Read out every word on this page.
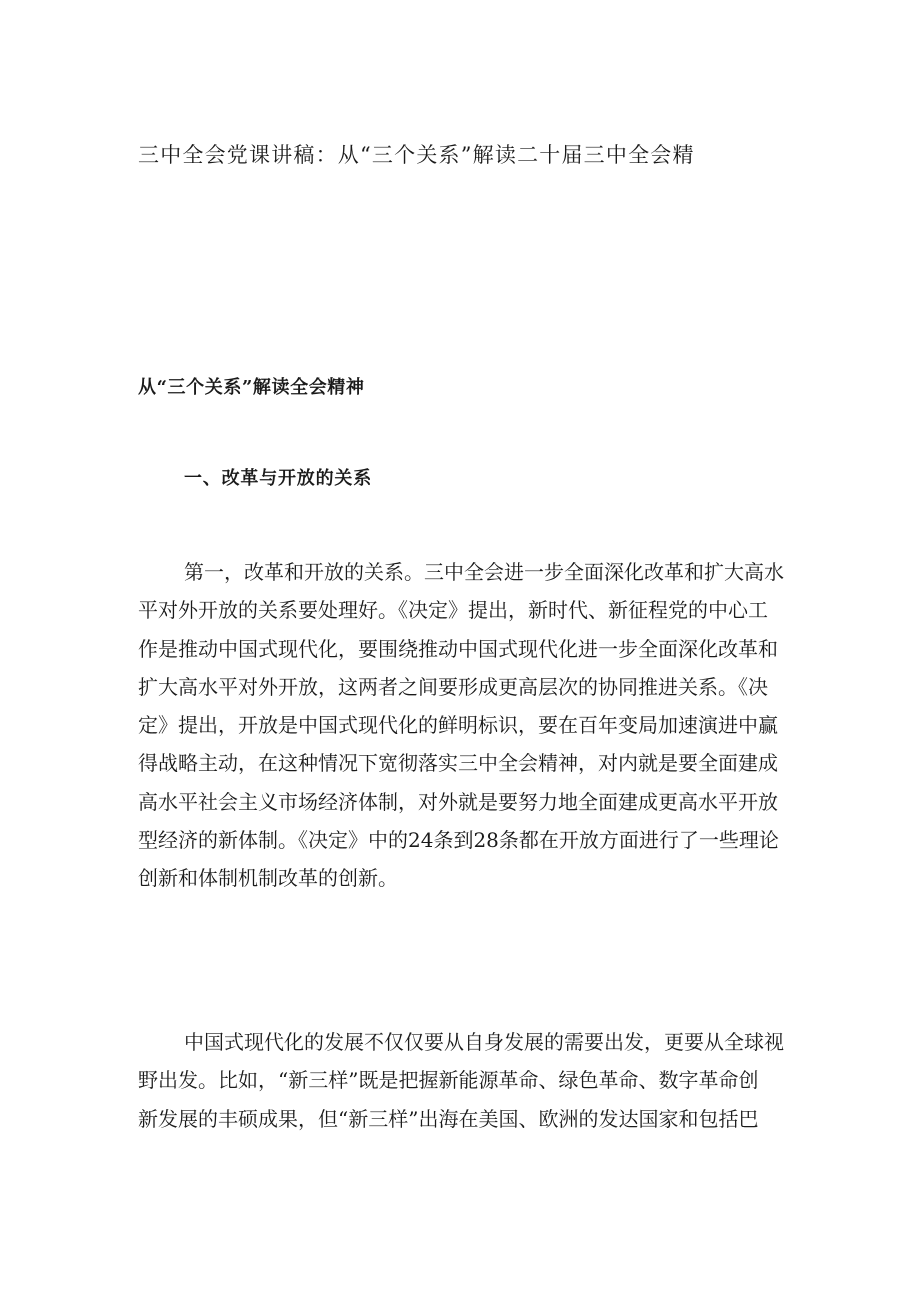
三中全会党课讲稿：从“三个关系”解读二十届三中全会精
从“三个关系”解读全会精神
一、改革与开放的关系
第一，改革和开放的关系。三中全会进一步全面深化改革和扩大高水
平对外开放的关系要处理好。《决定》提出，新时代、新征程党的中心工
作是推动中国式现代化，要围绕推动中国式现代化进一步全面深化改革和
扩大高水平对外开放，这两者之间要形成更高层次的协同推进关系。《决
定》提出，开放是中国式现代化的鲜明标识，要在百年变局加速演进中赢
得战略主动，在这种情况下宽彻落实三中全会精神，对内就是要全面建成
高水平社会主义市场经济体制，对外就是要努力地全面建成更高水平开放
型经济的新体制。《决定》中的24条到28条都在开放方面进行了一些理论
创新和体制机制改革的创新。
中国式现代化的发展不仅仅要从自身发展的需要出发，更要从全球视
野出发。比如，“新三样”既是把握新能源革命、绿色革命、数字革命创
新发展的丰硕成果，但“新三样”出海在美国、欧洲的发达国家和包括巴
